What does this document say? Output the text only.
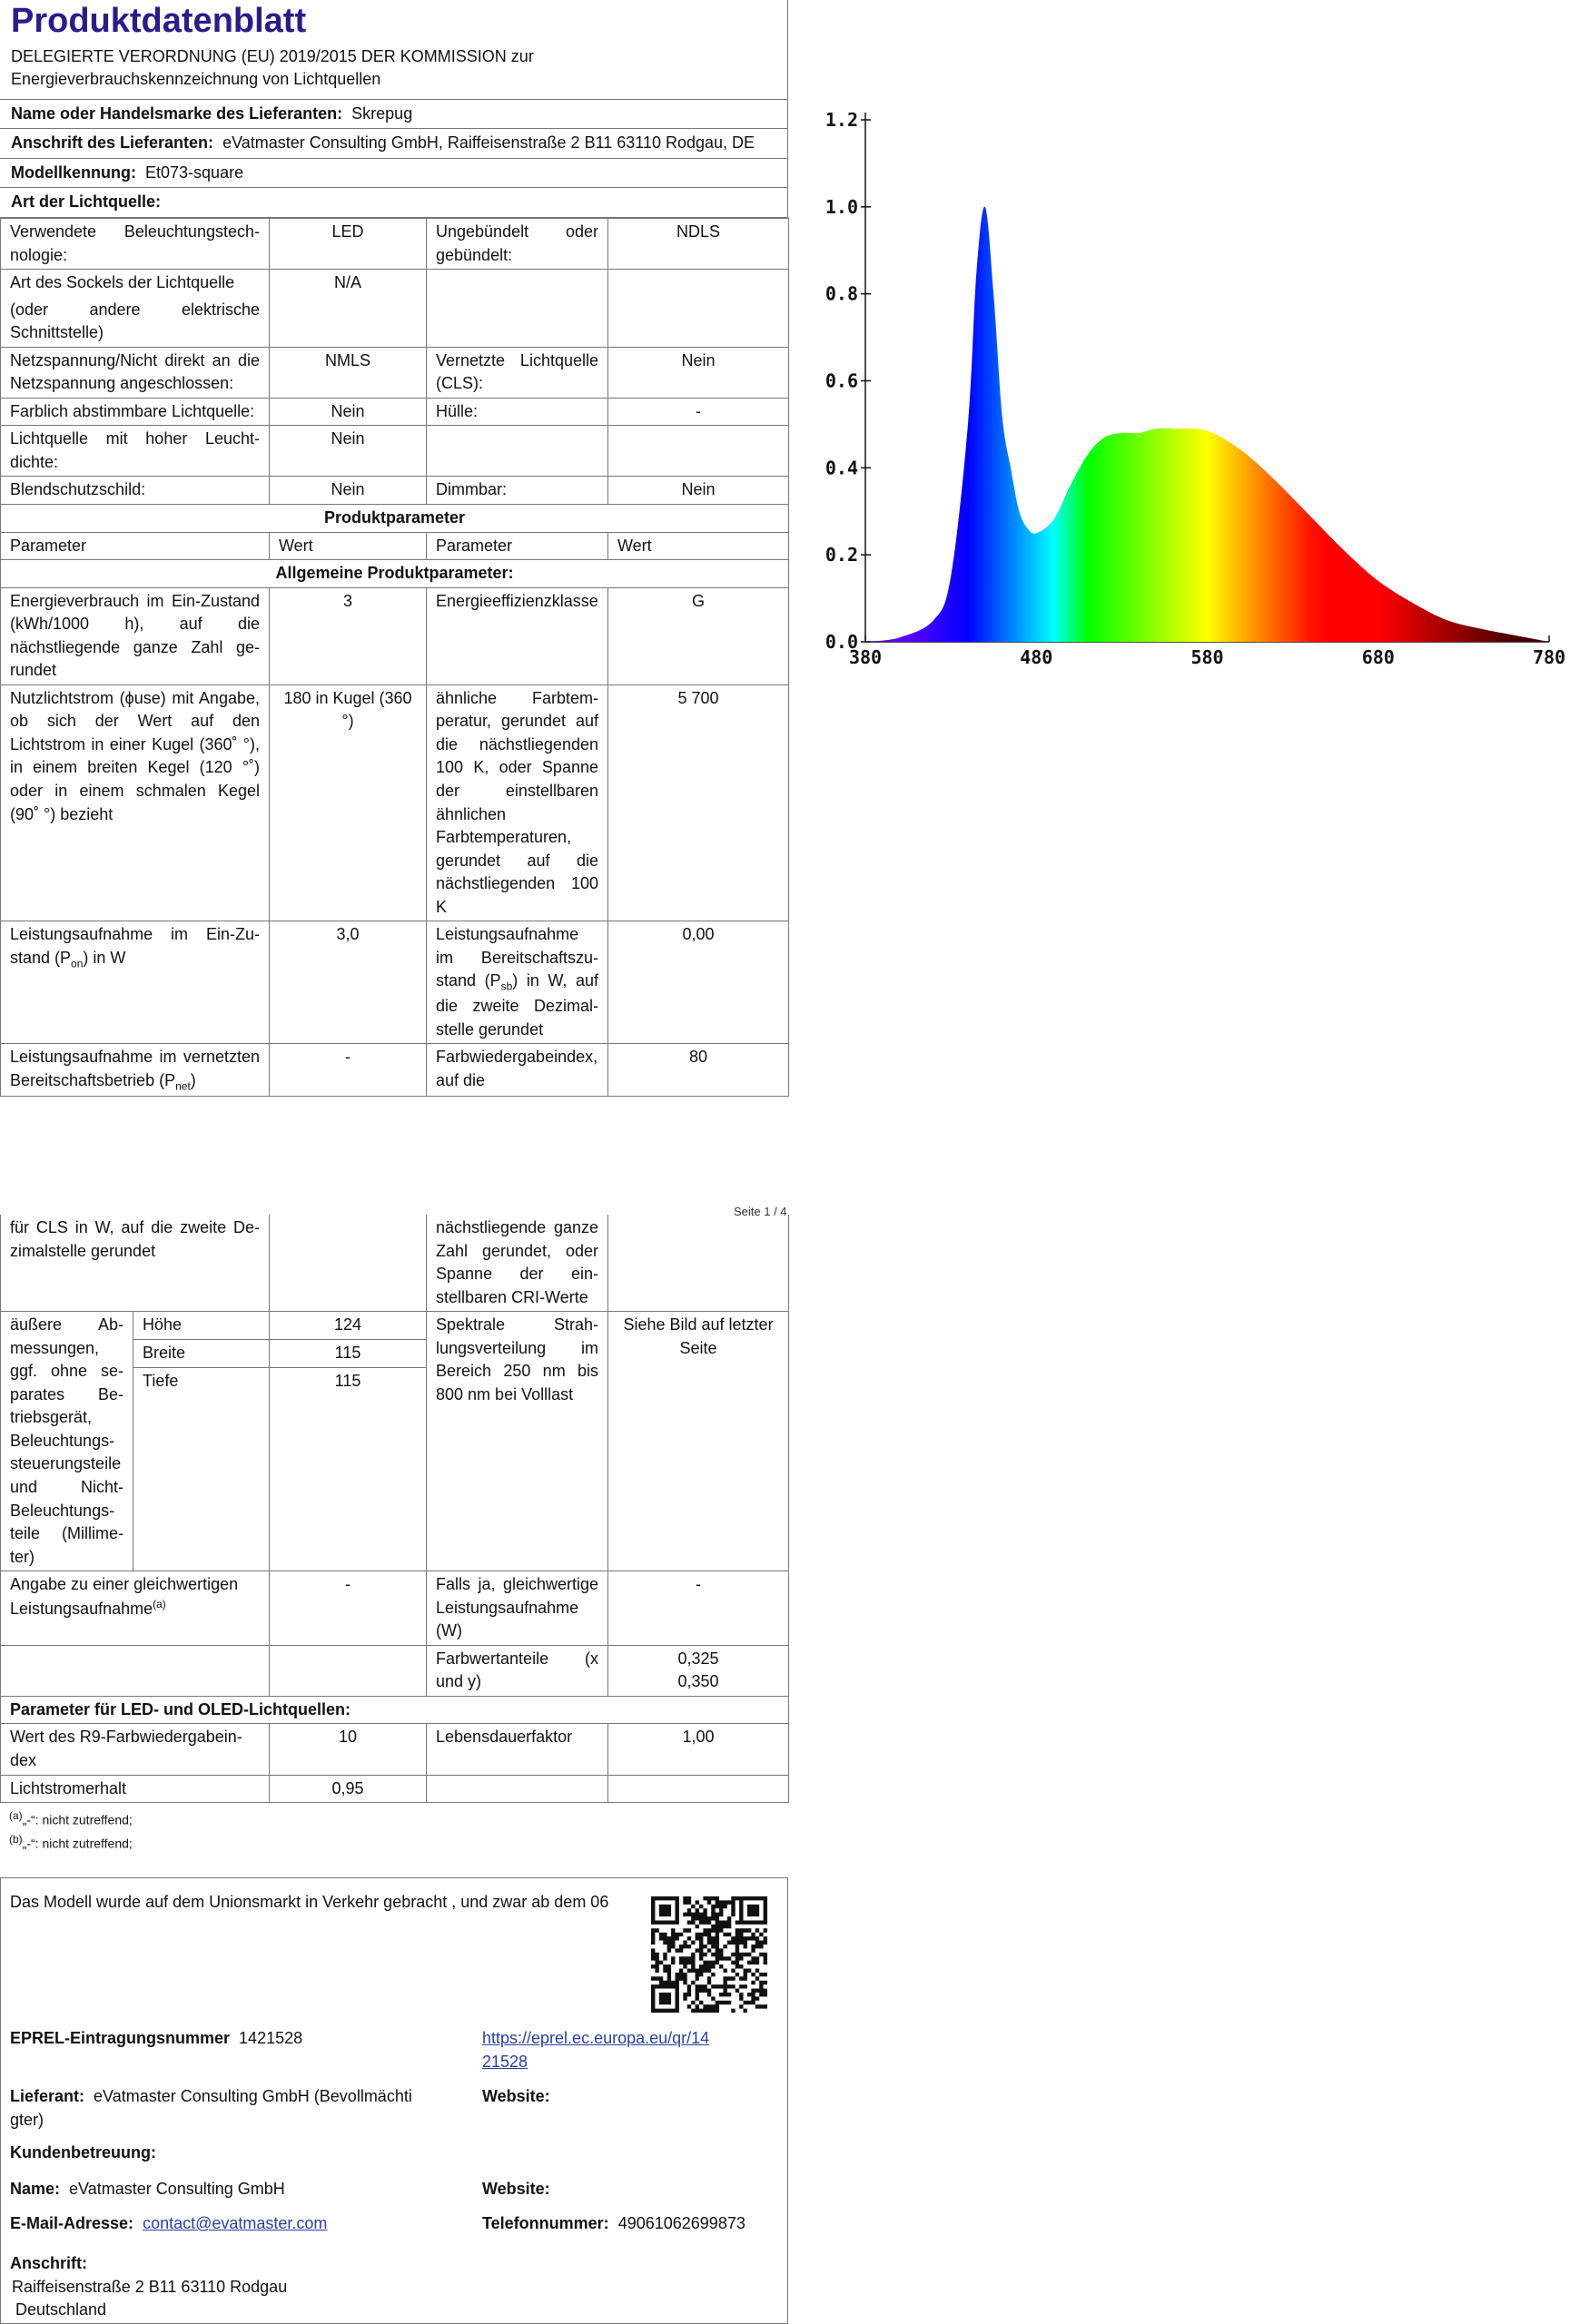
Produktdatenblatt
DELEGIERTE VERORDNUNG (EU) 2019/2015 DER KOMMISSION zur Energieverbrauchskennzeichnung von Lichtquellen
Name oder Handelsmarke des Lieferanten: Skrepug
Anschrift des Lieferanten: eVatmaster Consulting GmbH, Raiffeisenstraße 2 B11 63110 Rodgau, DE
Modellkennung: Et073-square
Art der Lichtquelle:
Verwendete Beleuchtungstechnologie:	LED	Ungebündelt oder gebündelt:	NDLS

Art des Sockels der Lichtquelle
(oder andere elektrische Schnittstelle)	N/A		
Netzspannung/Nicht direkt an die Netzspannung angeschlossen:	NMLS	Vernetzte Lichtquelle (CLS):	Nein
Farblich abstimmbare Lichtquelle:	Nein	Hülle:	-
Lichtquelle mit hoher Leuchtdichte:	Nein		
Blendschutzschild:	Nein	Dimmbar:	Nein
Produktparameter			
Parameter	Wert	Parameter	Wert
Allgemeine Produktparameter:			
Energieverbrauch im Ein-Zustand (kWh/1000 h), auf die nächstliegende ganze Zahl gerundet	3	Energieeffizienzklasse	G
Nutzlichtstrom (ϕuse) mit Angabe, ob sich der Wert auf den Lichtstrom in einer Kugel (360˚ °), in einem breiten Kegel (120 °˚) oder in einem schmalen Kegel (90˚ °) bezieht	180 in Kugel (360 °)	ähnliche Farbtemperatur, gerundet auf die nächstliegenden 100 K, oder Spanne der einstellbaren ähnlichen Farbtemperaturen, gerundet auf die nächstliegenden 100 K	5 700
Leistungsaufnahme im Ein-Zustand $(P_{on})$ in W	3,0	Leistungsaufnahme im Bereitschaftszustand $(P_{sb})$ in W, auf die zweite Dezimalstelle gerundet	0,00
Leistungsaufnahme im vernetzten Bereitschaftsbetrieb $(P_{net})$	-	Farbwiedergabeindex, auf die	80
Seite 1 / 4
für CLS in W, auf die zweite Dezimalstelle gerundet			nächstliegende ganze Zahl gerundet, oder Spanne der einstellbaren CRI-Werte	
äußere Abmessungen, ggf. ohne separates Betriebsgerät, Beleuchtungssteuerungsteile und Nicht-Beleuchtungsteile (Millimeter)	Höhe	124	Spektrale Strahlungsverteilung im Bereich 250 nm bis 800 nm bei Volllast	Siehe Bild auf letzter Seite
	Breite	115		
	Tiefe	115		
Angabe zu einer gleichwertigen Leistungsaufnahme$^{(a)}$		-	Falls ja, gleichwertige Leistungsaufnahme (W)	-
			Farbwertanteile (x und y)	0,325
0,350

Parameter für LED- und OLED-Lichtquellen:				
Wert des R9-Farbwiedergabeindex		10	Lebensdauerfaktor	1,00
Lichtstromerhalt		0,95		
$^{(a)}$„-“: nicht zutreffend;
$^{(b)}$„-“: nicht zutreffend;
Das Modell wurde auf dem Unionsmarkt in Verkehr gebracht , und zwar ab dem 06
EPREL-Eintragungsnummer 1421528	https://eprel.ec.europa.eu/qr/14
21528
Lieferant: eVatmaster Consulting GmbH (Bevollmächti
gter)
Website:
Kundenbetreuung:
Name: eVatmaster Consulting GmbH	Website:
E-Mail-Adresse: contact@evatmaster.com	Telefonnummer: 49061062699873
Anschrift:
Raiffeisenstraße 2 B11 63110 Rodgau
Deutschland
0.0
0.2
0.4
0.6
0.8
1.0
1.2
380	480	580	680	780
